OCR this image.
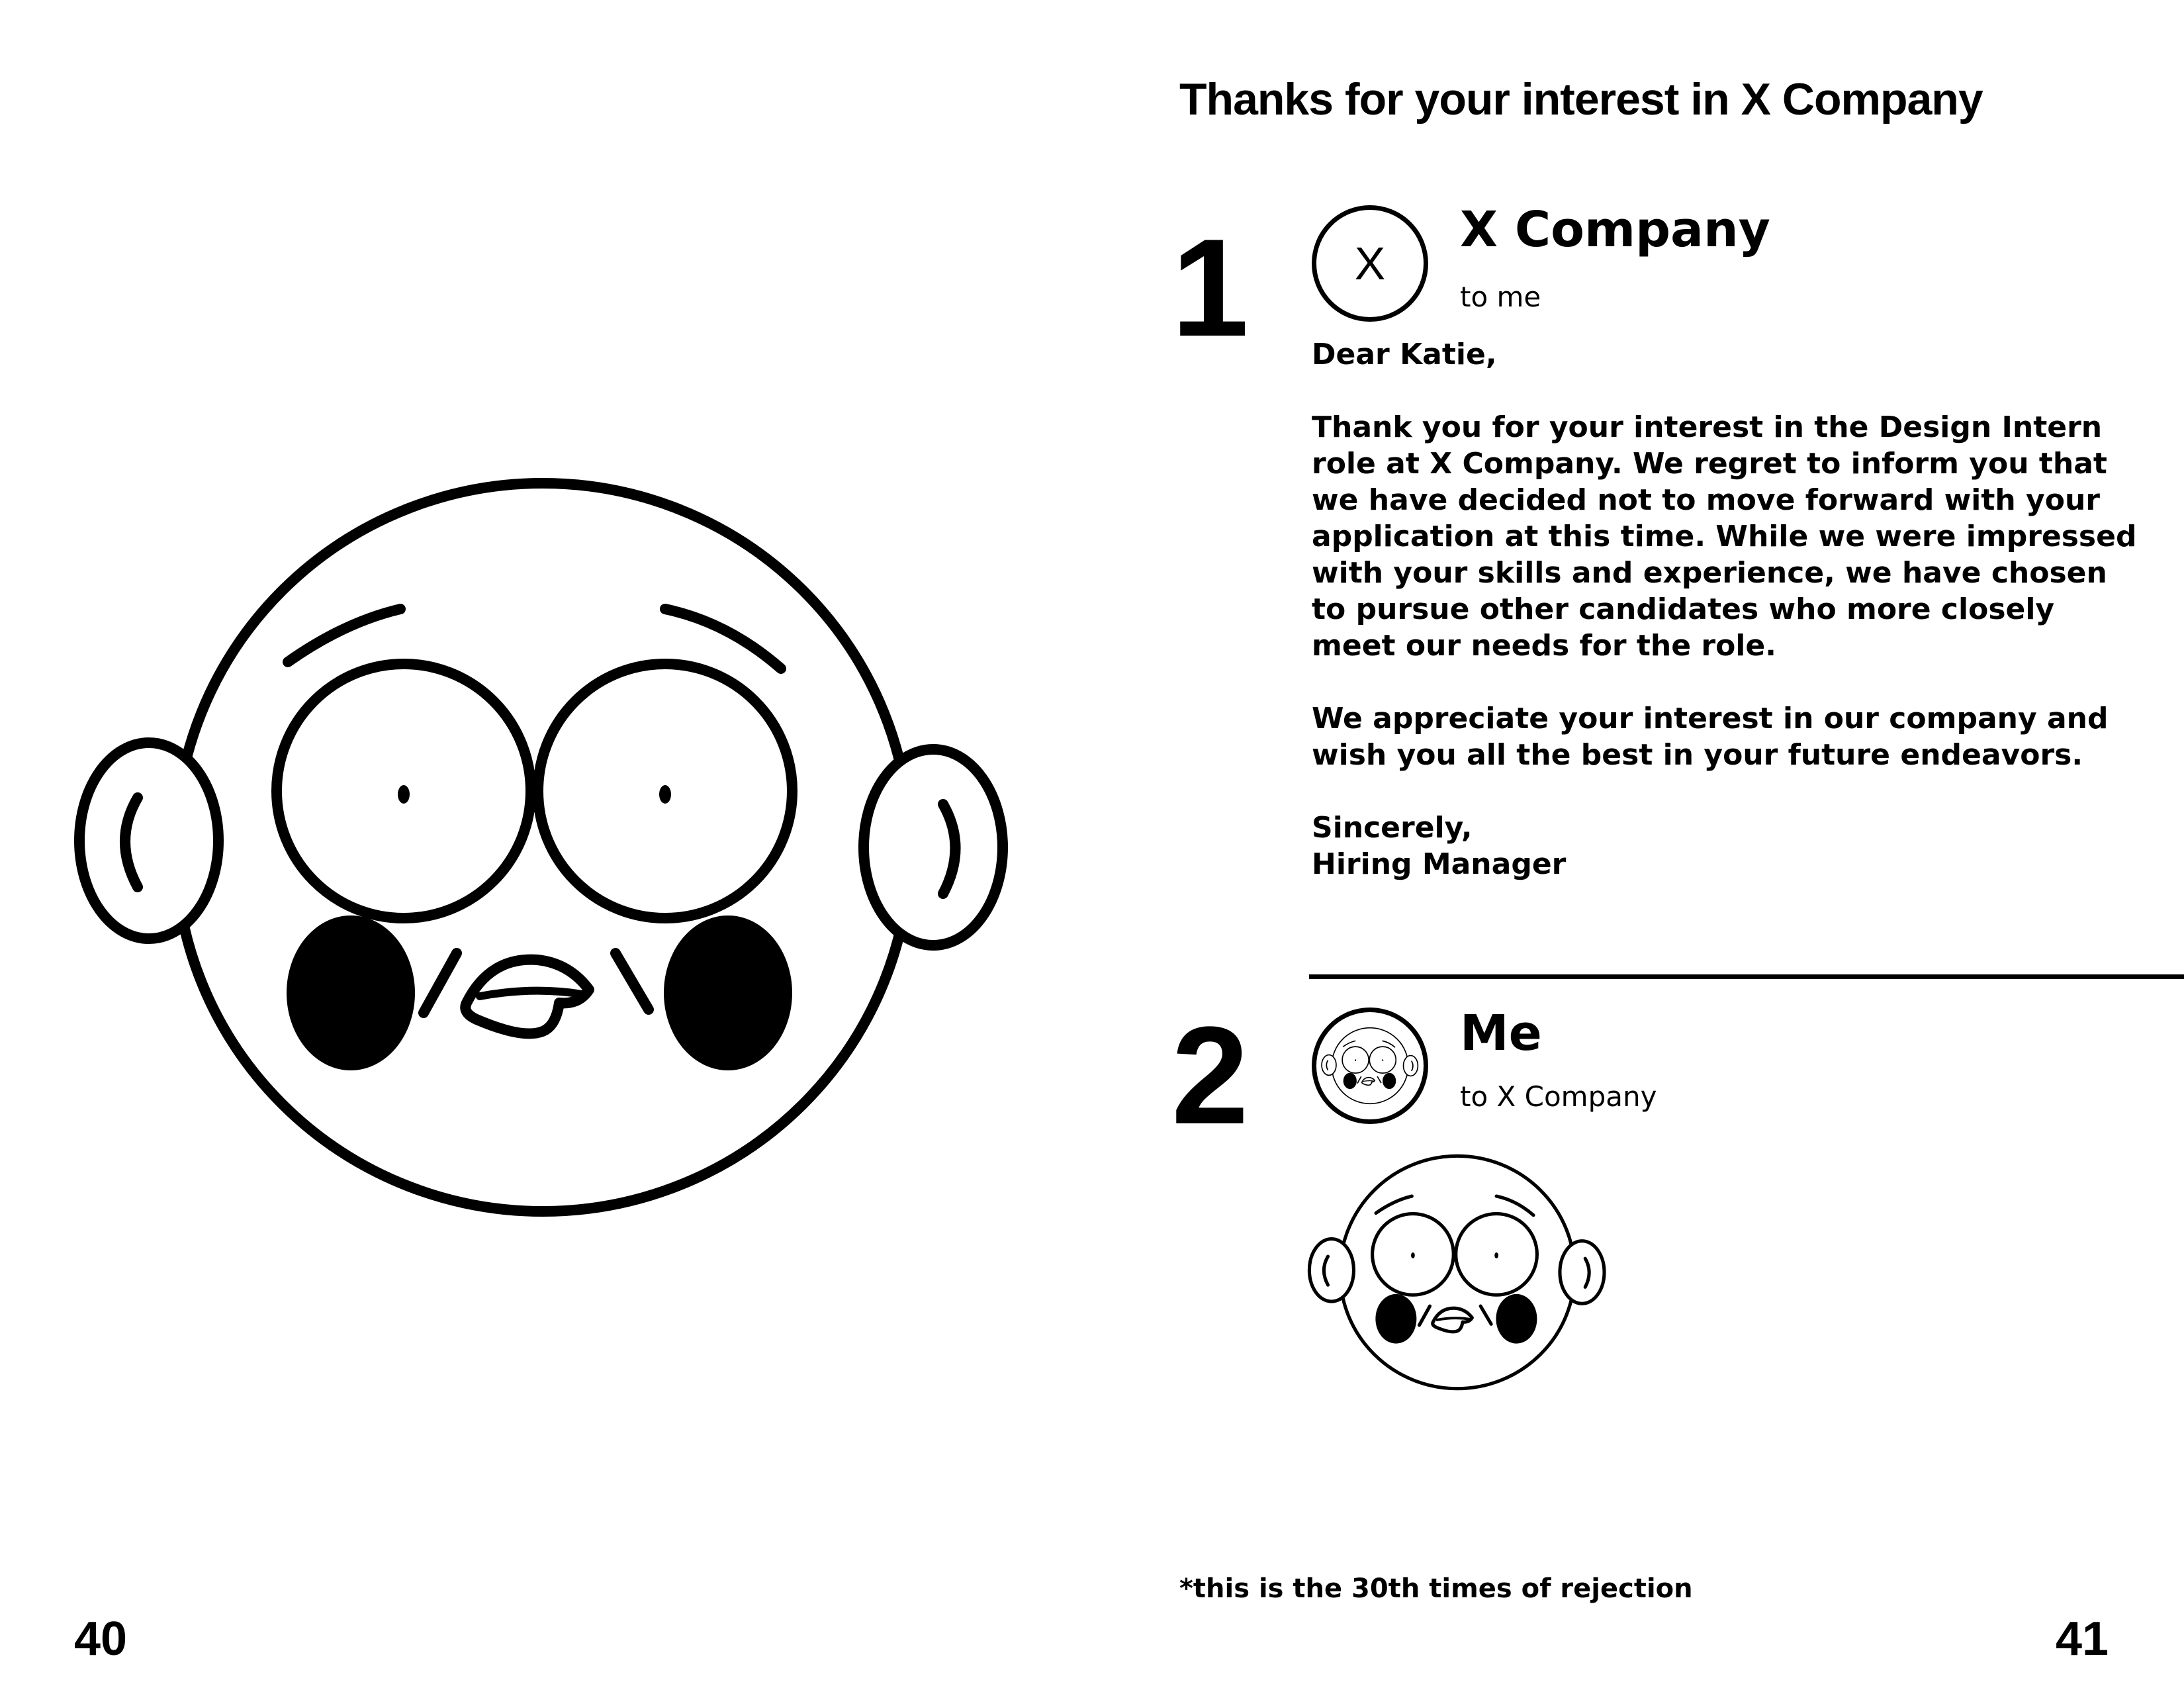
40
Thanks for your interest in X Company
1 X
X Company
to me

Dear Katie,

Thank you for your interest in the Design Intern role at X Company. We regret to inform you that we have decided not to move forward with your application at this time. While we were impressed with your skills and experience, we have chosen to pursue other candidates who more closely meet our needs for the role.

We appreciate your interest in our company and wish you all the best in your future endeavors.

Sincerely,
Hiring Manager

2	Me
to X Company
*this is the 30th times of rejection
41
